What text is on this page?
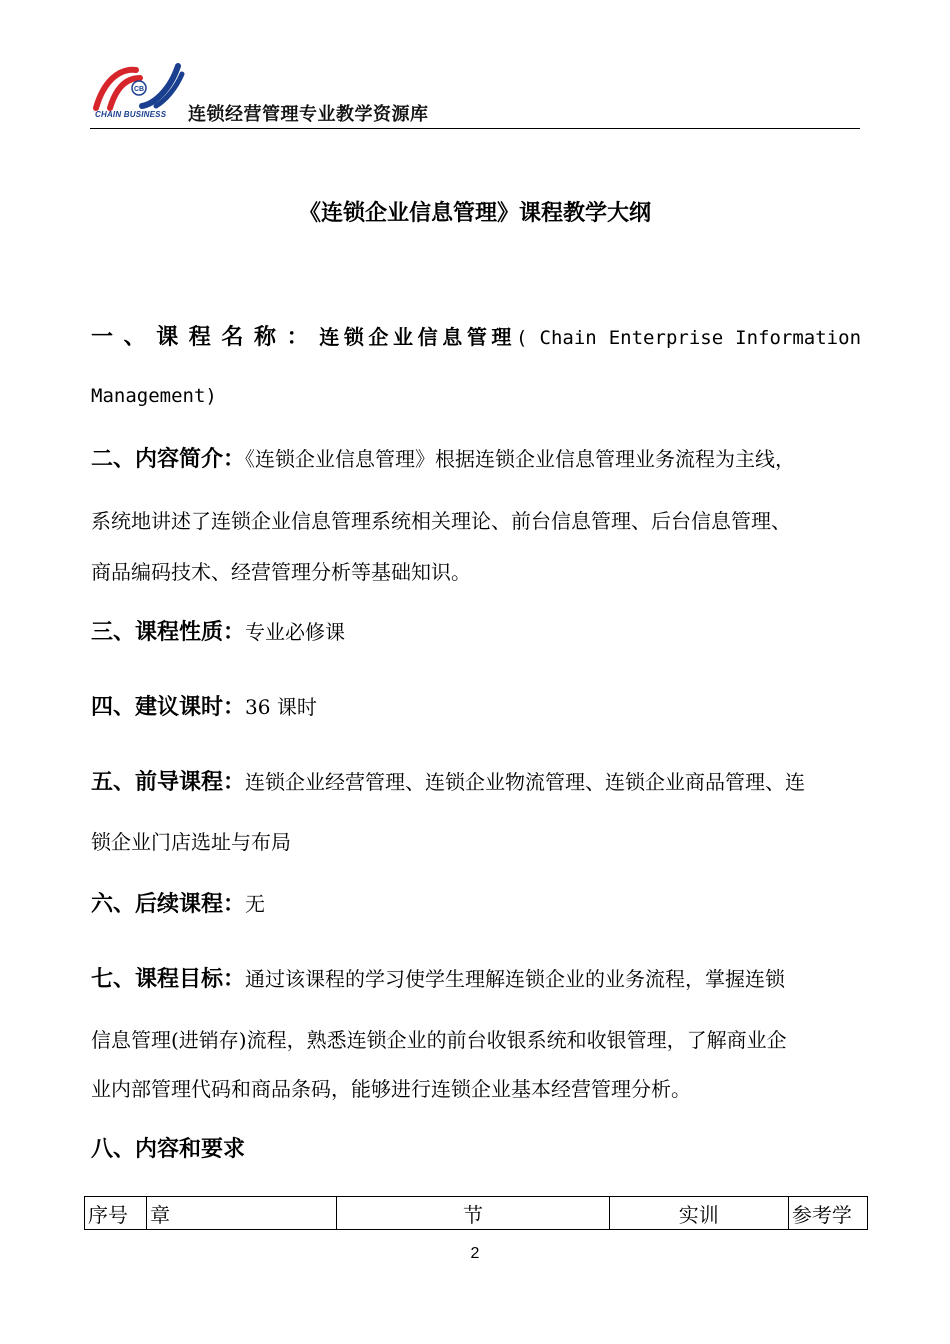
CB
CHAIN BUSINESS 连锁经营管理专业教学资源库
《连锁企业信息管理》课程教学大纲
一、课程名称：连锁企业信息管理( Chain Enterprise Information
Management)
二、内容简介：《连锁企业信息管理》根据连锁企业信息管理业务流程为主线，
系统地讲述了连锁企业信息管理系统相关理论、前台信息管理、后台信息管理、
商品编码技术、经营管理分析等基础知识。
三、课程性质：专业必修课
四、建议课时：36 课时
五、前导课程：连锁企业经营管理、连锁企业物流管理、连锁企业商品管理、连
锁企业门店选址与布局
六、后续课程：无
七、课程目标：通过该课程的学习使学生理解连锁企业的业务流程，掌握连锁
信息管理(进销存)流程，熟悉连锁企业的前台收银系统和收银管理，了解商业企
业内部管理代码和商品条码，能够进行连锁企业基本经营管理分析。
八、内容和要求
序号	章	节	实训	参考学
2
